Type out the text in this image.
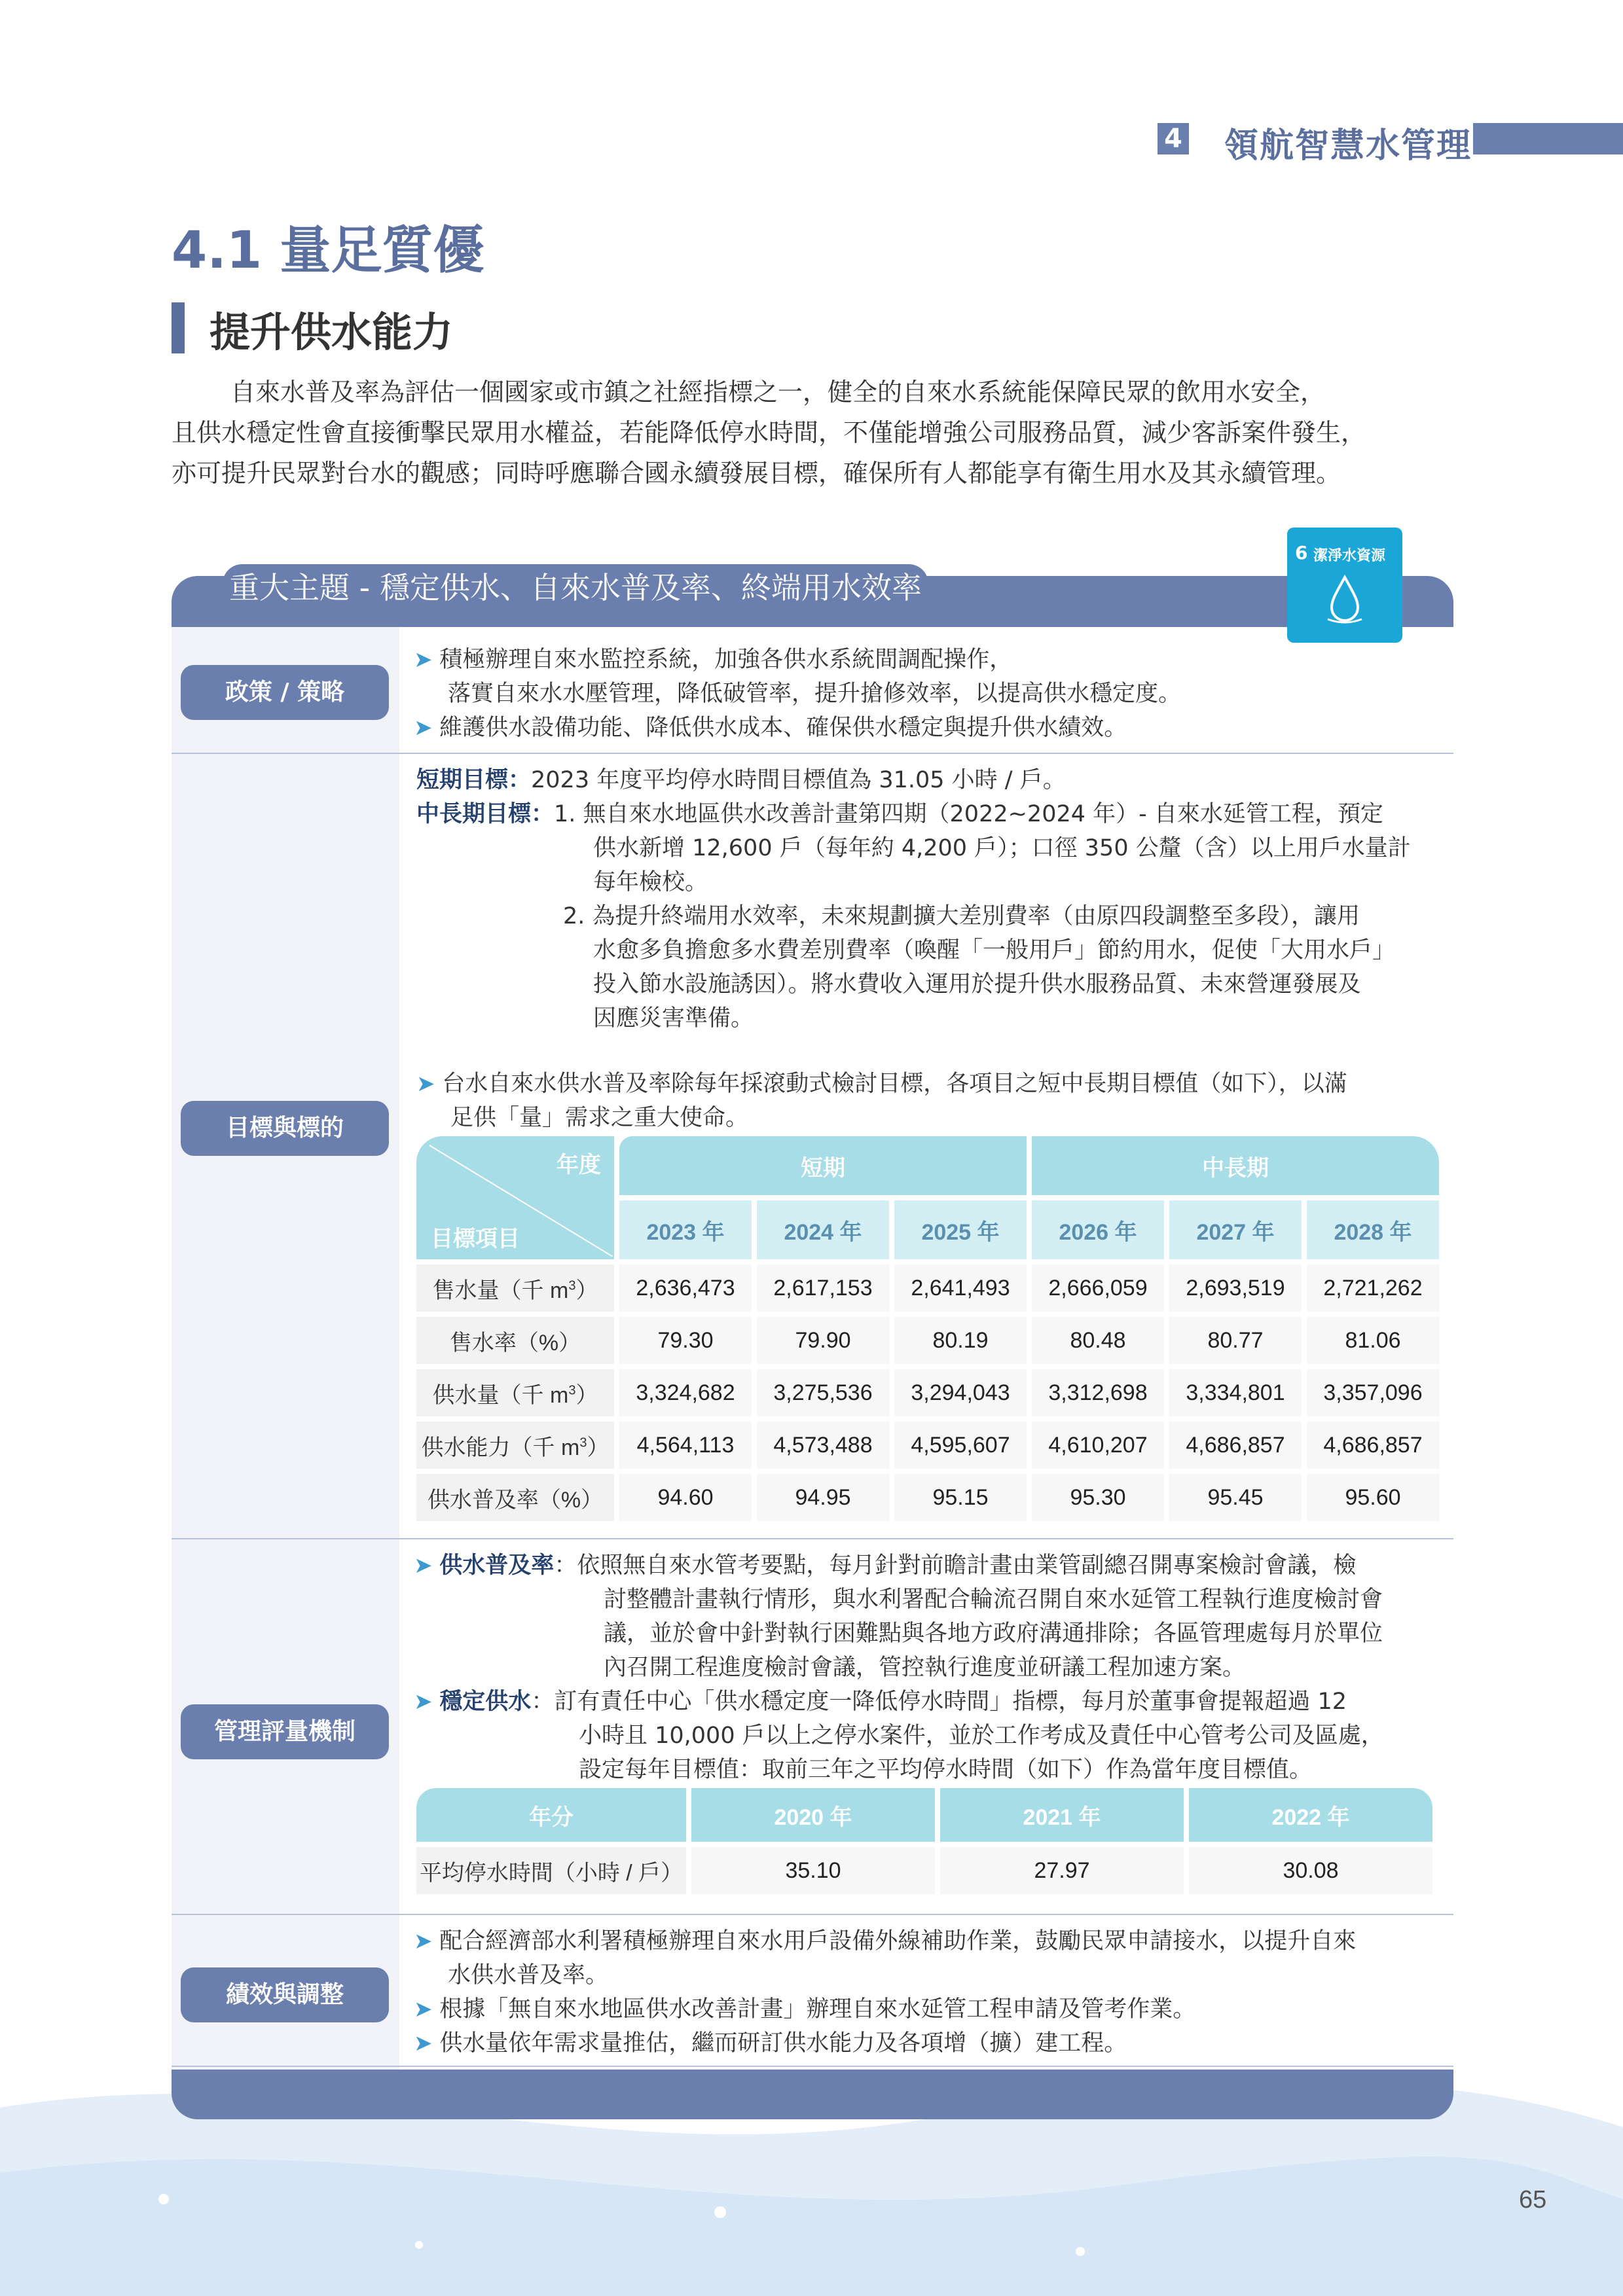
4 領航智慧水管理
4.1 量足質優
提升供水能力

自來水普及率為評估一個國家或市鎮之社經指標之一，健全的自來水系統能保障民眾的飲用水安全，

且供水穩定性會直接衝擊民眾用水權益，若能降低停水時間，不僅能增強公司服務品質，減少客訴案件發生，

亦可提升民眾對台水的觀感；同時呼應聯合國永續發展目標，確保所有人都能享有衛生用水及其永續管理。

重大主題 - 穩定供水、自來水普及率、終端用水效率
6 潔淨水資源
政策 / 策略
➤ 積極辦理自來水監控系統，加強各供水系統間調配操作，
落實自來水水壓管理，降低破管率，提升搶修效率，以提高供水穩定度。
➤ 維護供水設備功能、降低供水成本、確保供水穩定與提升供水績效。
目標與標的
短期目標：2023 年度平均停水時間目標值為 31.05 小時 / 戶。
中長期目標：1. 無自來水地區供水改善計畫第四期（2022~2024 年）- 自來水延管工程，預定
供水新增 12,600 戶（每年約 4,200 戶）；口徑 350 公釐（含）以上用戶水量計
每年檢校。
2. 為提升終端用水效率，未來規劃擴大差別費率（由原四段調整至多段），讓用
水愈多負擔愈多水費差別費率（喚醒「一般用戶」節約用水，促使「大用水戶」
投入節水設施誘因）。將水費收入運用於提升供水服務品質、未來營運發展及
因應災害準備。
➤ 台水自來水供水普及率除每年採滾動式檢討目標，各項目之短中長期目標值（如下），以滿
足供「量」需求之重大使命。
年度
目標項目	短期			中長期		
	2023 年	2024 年	2025 年	2026 年	2027 年	2028 年
售水量（千 $m^3$）	2,636,473	2,617,153	2,641,493	2,666,059	2,693,519	2,721,262
售水率（%）	79.30	79.90	80.19	80.48	80.77	81.06
供水量（千 $m^3$）	3,324,682	3,275,536	3,294,043	3,312,698	3,334,801	3,357,096
供水能力（千 $m^3$）	4,564,113	4,573,488	4,595,607	4,610,207	4,686,857	4,686,857
供水普及率（%）	94.60	94.95	95.15	95.30	95.45	95.60
管理評量機制
➤ 供水普及率：依照無自來水管考要點，每月針對前瞻計畫由業管副總召開專案檢討會議，檢
討整體計畫執行情形，與水利署配合輪流召開自來水延管工程執行進度檢討會
議，並於會中針對執行困難點與各地方政府溝通排除；各區管理處每月於單位
內召開工程進度檢討會議，管控執行進度並研議工程加速方案。
➤ 穩定供水：訂有責任中心「供水穩定度一降低停水時間」指標，每月於董事會提報超過 12
小時且 10,000 戶以上之停水案件，並於工作考成及責任中心管考公司及區處，
設定每年目標值：取前三年之平均停水時間（如下）作為當年度目標值。
年分	2020 年	2021 年	2022 年
平均停水時間（小時 / 戶）	35.10	27.97	30.08
績效與調整
➤ 配合經濟部水利署積極辦理自來水用戶設備外線補助作業，鼓勵民眾申請接水，以提升自來
水供水普及率。
➤ 根據「無自來水地區供水改善計畫」辦理自來水延管工程申請及管考作業。
➤ 供水量依年需求量推估，繼而研訂供水能力及各項增（擴）建工程。
65
